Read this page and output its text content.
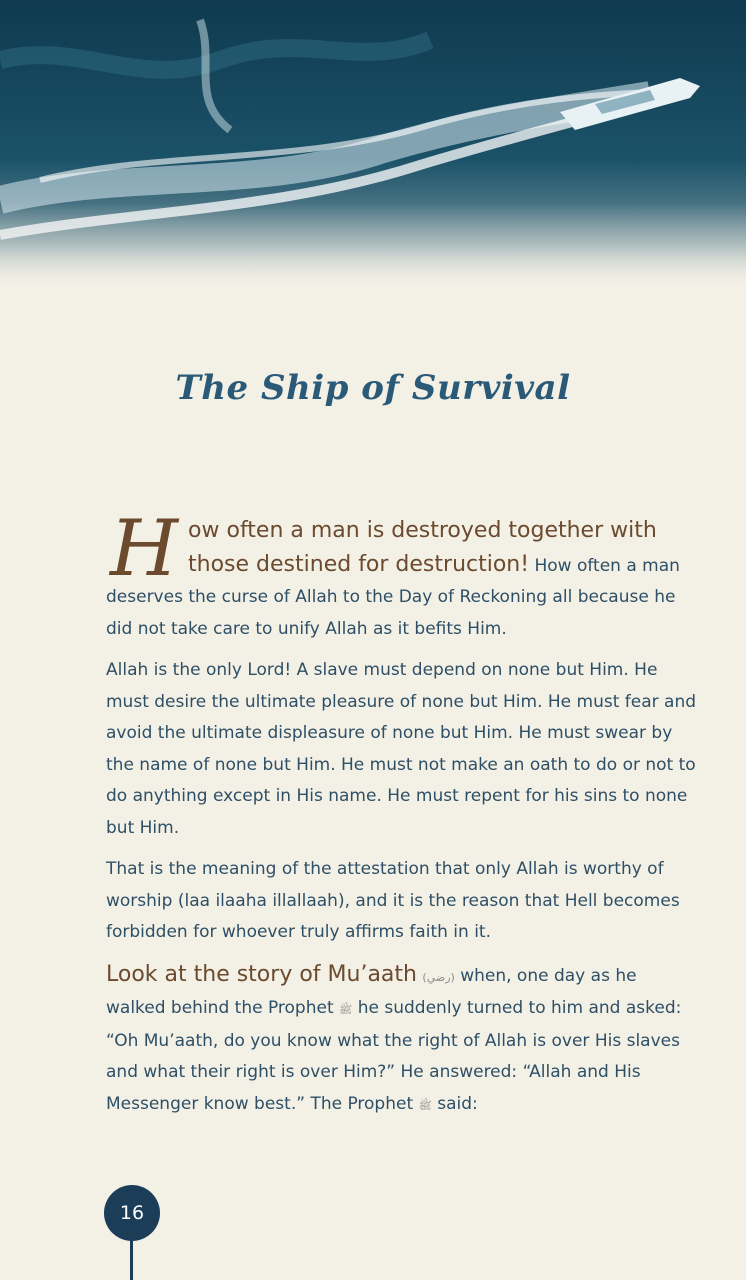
The Ship of Survival

How often a man is destroyed together with those destined for destruction! How often a man deserves the curse of Allah to the Day of Reckoning all because he did not take care to unify Allah as it befits Him.

Allah is the only Lord! A slave must depend on none but Him. He must desire the ultimate pleasure of none but Him. He must fear and avoid the ultimate displeasure of none but Him. He must swear by the name of none but Him. He must not make an oath to do or not to do anything except in His name. He must repent for his sins to none but Him.

That is the meaning of the attestation that only Allah is worthy of worship (laa ilaaha illallaah), and it is the reason that Hell becomes forbidden for whoever truly affirms faith in it.

Look at the story of Mu’aath (رضي) when, one day as he walked behind the Prophet ﷺ he suddenly turned to him and asked: “Oh Mu’aath, do you know what the right of Allah is over His slaves and what their right is over Him?” He answered: “Allah and His Messenger know best.” The Prophet ﷺ said:

16
